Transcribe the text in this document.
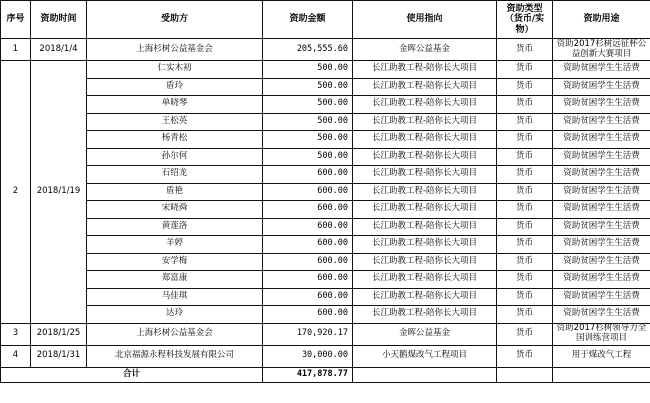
序号	资助时间	受助方	资助金额	使用指向	资助类型（货币/实物）	资助用途
1	2018/1/4	上海杉树公益基金会	205,555.60	金晖公益基金	货币	资助2017杉树远征杯公益创新大赛项目
2	2018/1/19	仁实木初	500.00	长江助教工程-陪你长大项目	货币	资助贫困学生生活费
		盾玲	500.00	长江助教工程-陪你长大项目	货币	资助贫困学生生活费
		单晓琴	500.00	长江助教工程-陪你长大项目	货币	资助贫困学生生活费
		王松英	500.00	长江助教工程-陪你长大项目	货币	资助贫困学生生活费
		杨青松	500.00	长江助教工程-陪你长大项目	货币	资助贫困学生生活费
		孙尔何	500.00	长江助教工程-陪你长大项目	货币	资助贫困学生生活费
		石绍龙	600.00	长江助教工程-陪你长大项目	货币	资助贫困学生生活费
		盾艳	600.00	长江助教工程-陪你长大项目	货币	资助贫困学生生活费
		宋晓舜	600.00	长江助教工程-陪你长大项目	货币	资助贫困学生生活费
		黄莲洛	600.00	长江助教工程-陪你长大项目	货币	资助贫困学生生活费
		羊婷	600.00	长江助教工程-陪你长大项目	货币	资助贫困学生生活费
		安学梅	600.00	长江助教工程-陪你长大项目	货币	资助贫困学生生活费
		郑富康	600.00	长江助教工程-陪你长大项目	货币	资助贫困学生生活费
		马佳琪	600.00	长江助教工程-陪你长大项目	货币	资助贫困学生生活费
		达玲	600.00	长江助教工程-陪你长大项目	货币	资助贫困学生生活费
3	2018/1/25	上海杉树公益基金会	170,920.17	金晖公益基金	货币	资助2017杉树领导力全国训练营项目
4	2018/1/31	北京福源永程科技发展有限公司	30,000.00	小天鹅煤改气工程项目	货币	用于煤改气工程
合计			417,878.77			
